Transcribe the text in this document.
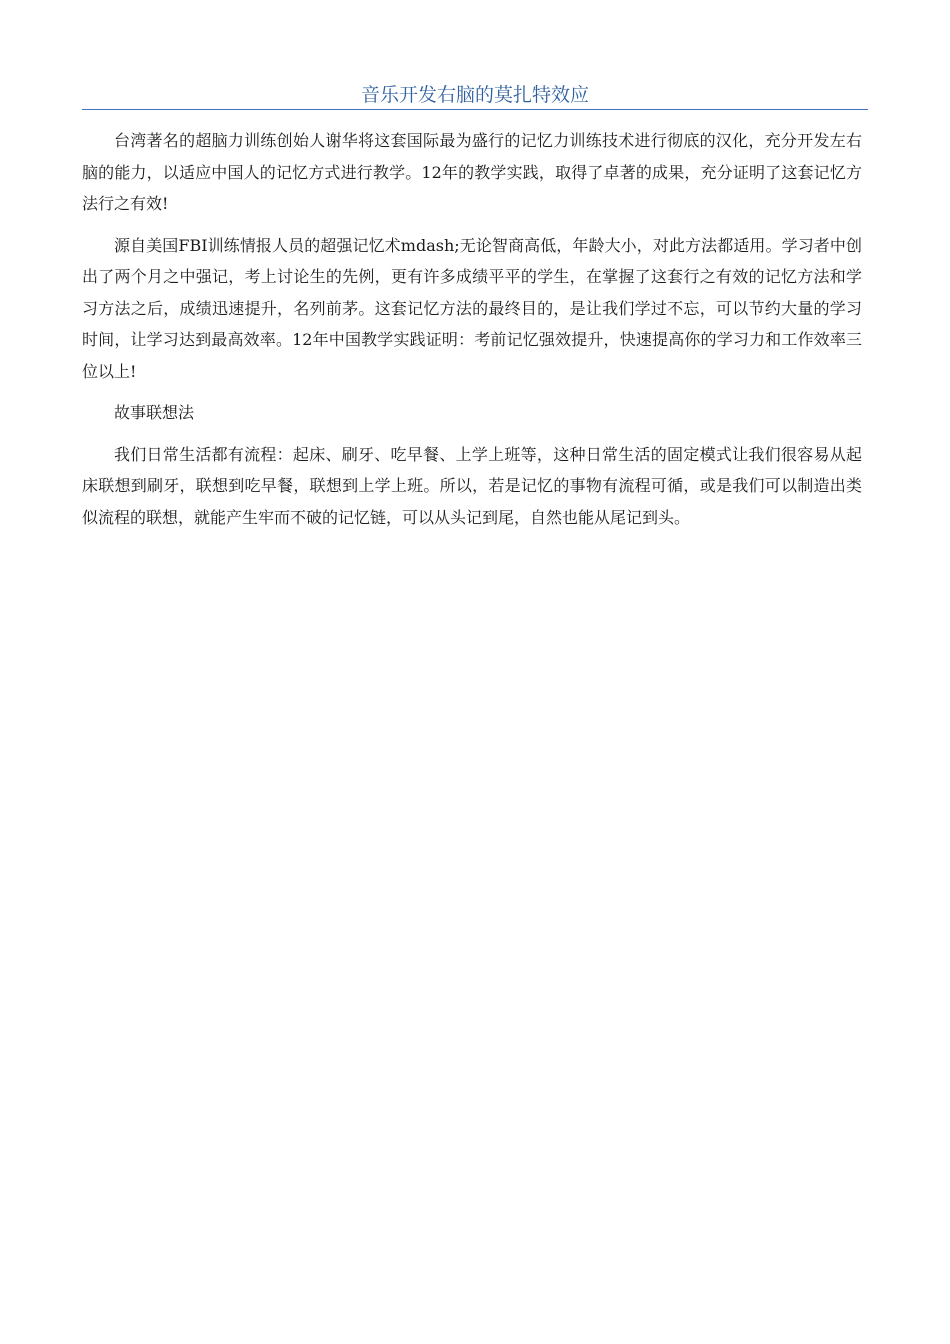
音乐开发右脑的莫扎特效应

台湾著名的超脑力训练创始人谢华将这套国际最为盛行的记忆力训练技术进行彻底的汉化，充分开发左右脑的能力，以适应中国人的记忆方式进行教学。12年的教学实践，取得了卓著的成果，充分证明了这套记忆方法行之有效!

源自美国FBI训练情报人员的超强记忆术mdash;无论智商高低，年龄大小，对此方法都适用。学习者中创出了两个月之中强记，考上讨论生的先例，更有许多成绩平平的学生，在掌握了这套行之有效的记忆方法和学习方法之后，成绩迅速提升，名列前茅。这套记忆方法的最终目的，是让我们学过不忘，可以节约大量的学习时间，让学习达到最高效率。12年中国教学实践证明：考前记忆强效提升，快速提高你的学习力和工作效率三位以上!

故事联想法

我们日常生活都有流程：起床、刷牙、吃早餐、上学上班等，这种日常生活的固定模式让我们很容易从起床联想到刷牙，联想到吃早餐，联想到上学上班。所以，若是记忆的事物有流程可循，或是我们可以制造出类似流程的联想，就能产生牢而不破的记忆链，可以从头记到尾，自然也能从尾记到头。
